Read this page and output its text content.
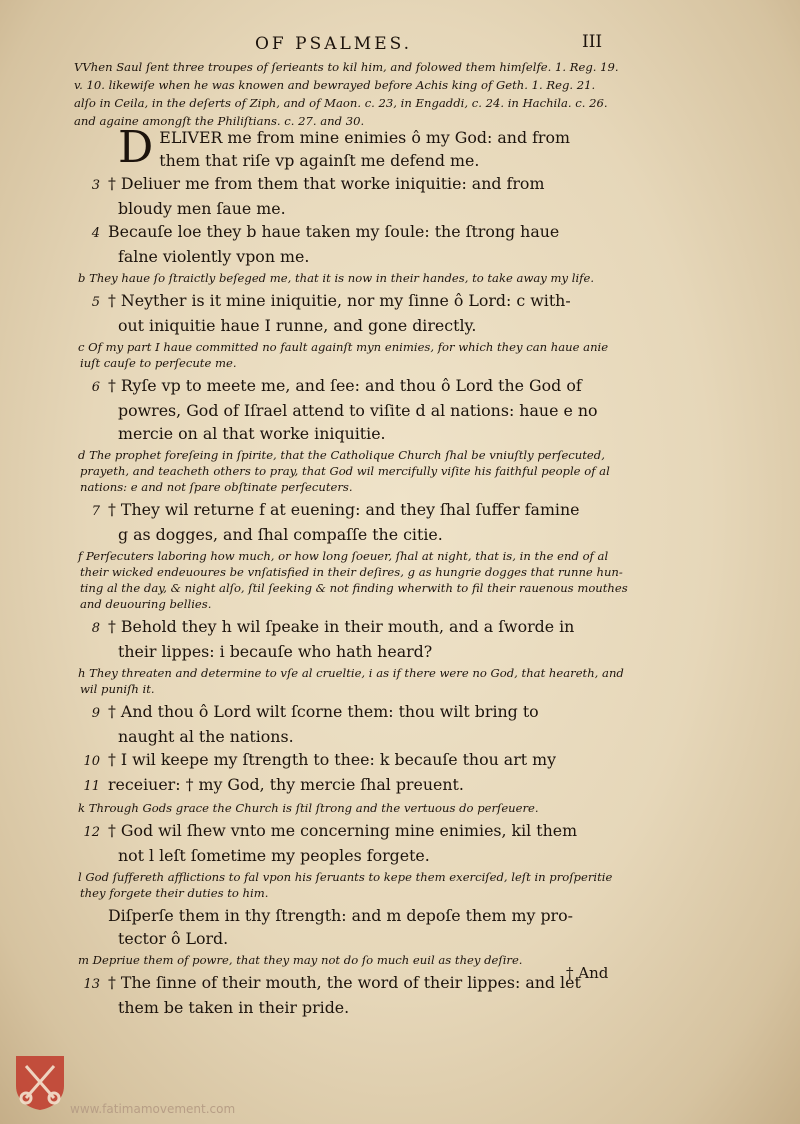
OF PSALMES.	III
VVhen Saul ſent three troupes of ſerieants to kil him, and folowed them himſelfe. 1. Reg. 19.
v. 10. likewiſe when he was knowen and bewrayed before Achis king of Geth. 1. Reg. 21.
alſo in Ceila, in the deſerts of Ziph, and of Maon. c. 23, in Engaddi, c. 24. in Hachila. c. 26.
and againe amongſt the Philiſtians. c. 27. and 30.
D ELIVER me from mine enimies ô my God: and from
them that riſe vp againſt me defend me.
3 † Deliuer me from them that worke iniquitie: and from
bloudy men ſaue me.
4 Becauſe loe they b haue taken my ſoule: the ſtrong haue
falne violently vpon me.
b They haue ſo ſtraictly beſeged me, that it is now in their handes, to take away my life.
5 † Neyther is it mine iniquitie, nor my ſinne ô Lord: c with-
out iniquitie haue I runne, and gone directly.
c Of my part I haue committed no fault againſt myn enimies, for which they can haue anie
iuſt cauſe to perſecute me.
6 † Ryſe vp to meete me, and ſee: and thou ô Lord the God of
powres, God of Iſrael attend to viſite d al nations: haue e no
mercie on al that worke iniquitie.
d The prophet foreſeing in ſpirite, that the Catholique Church ſhal be vniuſtly perſecuted,
prayeth, and teacheth others to pray, that God wil mercifully viſite his faithful people of al
nations: e and not ſpare obſtinate perſecuters.
7 † They wil returne f at euening: and they ſhal ſuffer famine
g as dogges, and ſhal compaſſe the citie.
f Perſecuters laboring how much, or how long ſoeuer, ſhal at night, that is, in the end of al
their wicked endeuoures be vnſatisfied in their deſires, g as hungrie dogges that runne hun-
ting al the day, & night alſo, ſtil ſeeking & not finding wherwith to fil their rauenous mouthes
and deuouring bellies.
8 † Behold they h wil ſpeake in their mouth, and a ſworde in
their lippes: i becauſe who hath heard?
h They threaten and determine to vſe al crueltie, i as if there were no God, that heareth, and
wil puniſh it.
9 † And thou ô Lord wilt ſcorne them: thou wilt bring to
naught al the nations.
10 † I wil keepe my ſtrength to thee: k becauſe thou art my
11 receiuer: † my God, thy mercie ſhal preuent.
k Through Gods grace the Church is ſtil ſtrong and the vertuous do perſeuere.
12 † God wil ſhew vnto me concerning mine enimies, kil them
not l leſt ſometime my peoples forgete.
l God ſuffereth afflictions to fal vpon his ſeruants to kepe them exerciſed, leſt in proſperitie
they forgete their duties to him.
Diſperſe them in thy ſtrength: and m depoſe them my pro-
tector ô Lord.
m Depriue them of powre, that they may not do ſo much euil as they deſire.
13 † The ſinne of their mouth, the word of their lippes: and let
them be taken in their pride.
† And
www.fatimamovement.com
